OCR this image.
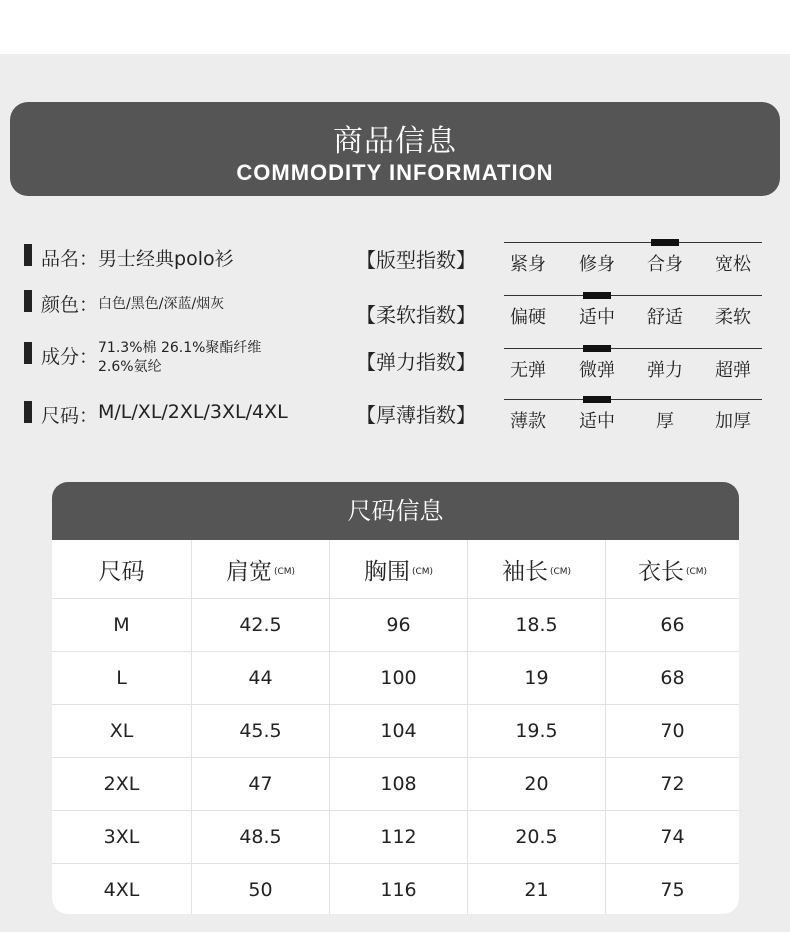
商品信息
COMMODITY INFORMATION
品名： 男士经典polo衫
颜色： 白色/黑色/深蓝/烟灰
成分： 71.3%棉 26.1%聚酯纤维
2.6%氨纶
尺码： M/L/XL/2XL/3XL/4XL
【版型指数】	紧身	修身	合身	宽松
【柔软指数】	偏硬	适中	舒适	柔软
【弹力指数】	无弹	微弹	弹力	超弹
【厚薄指数】	薄款	适中	厚	加厚
尺码信息
尺码	肩宽 (CM)	胸围 (CM)	袖长 (CM)	衣长 (CM)
M	42.5	96	18.5	66
L	44	100	19	68
XL	45.5	104	19.5	70
2XL	47	108	20	72
3XL	48.5	112	20.5	74
4XL	50	116	21	75
